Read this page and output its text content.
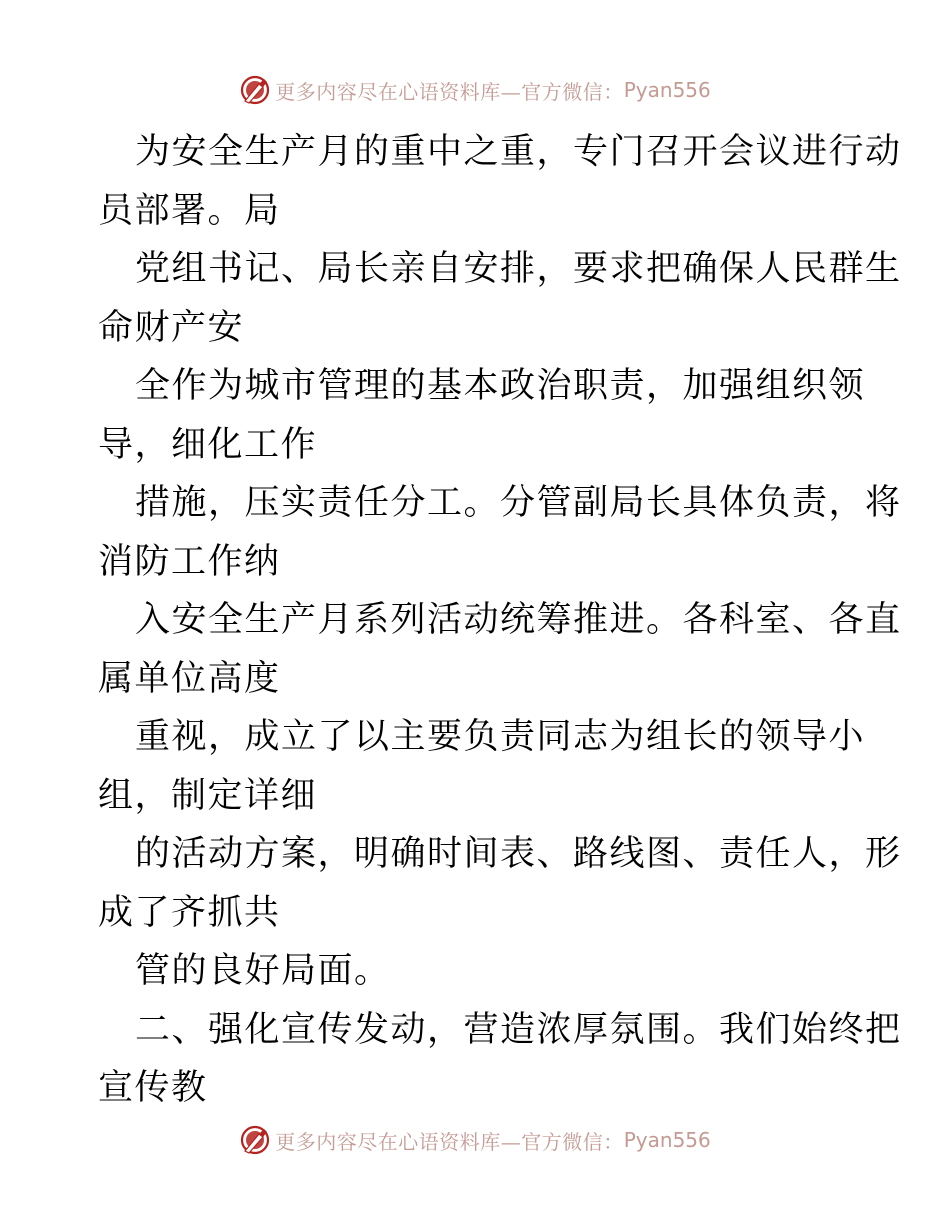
更多内容尽在心语资料库—官方微信： Pyan556
为安全生产月的重中之重，专门召开会议进行动
员部署。局
党组书记、局长亲自安排，要求把确保人民群生
命财产安
全作为城市管理的基本政治职责，加强组织领
导，细化工作
措施，压实责任分工。分管副局长具体负责，将
消防工作纳
入安全生产月系列活动统筹推进。各科室、各直
属单位高度
重视，成立了以主要负责同志为组长的领导小
组，制定详细
的活动方案，明确时间表、路线图、责任人，形
成了齐抓共
管的良好局面。
二、强化宣传发动，营造浓厚氛围。我们始终把
宣传教
更多内容尽在心语资料库—官方微信： Pyan556
